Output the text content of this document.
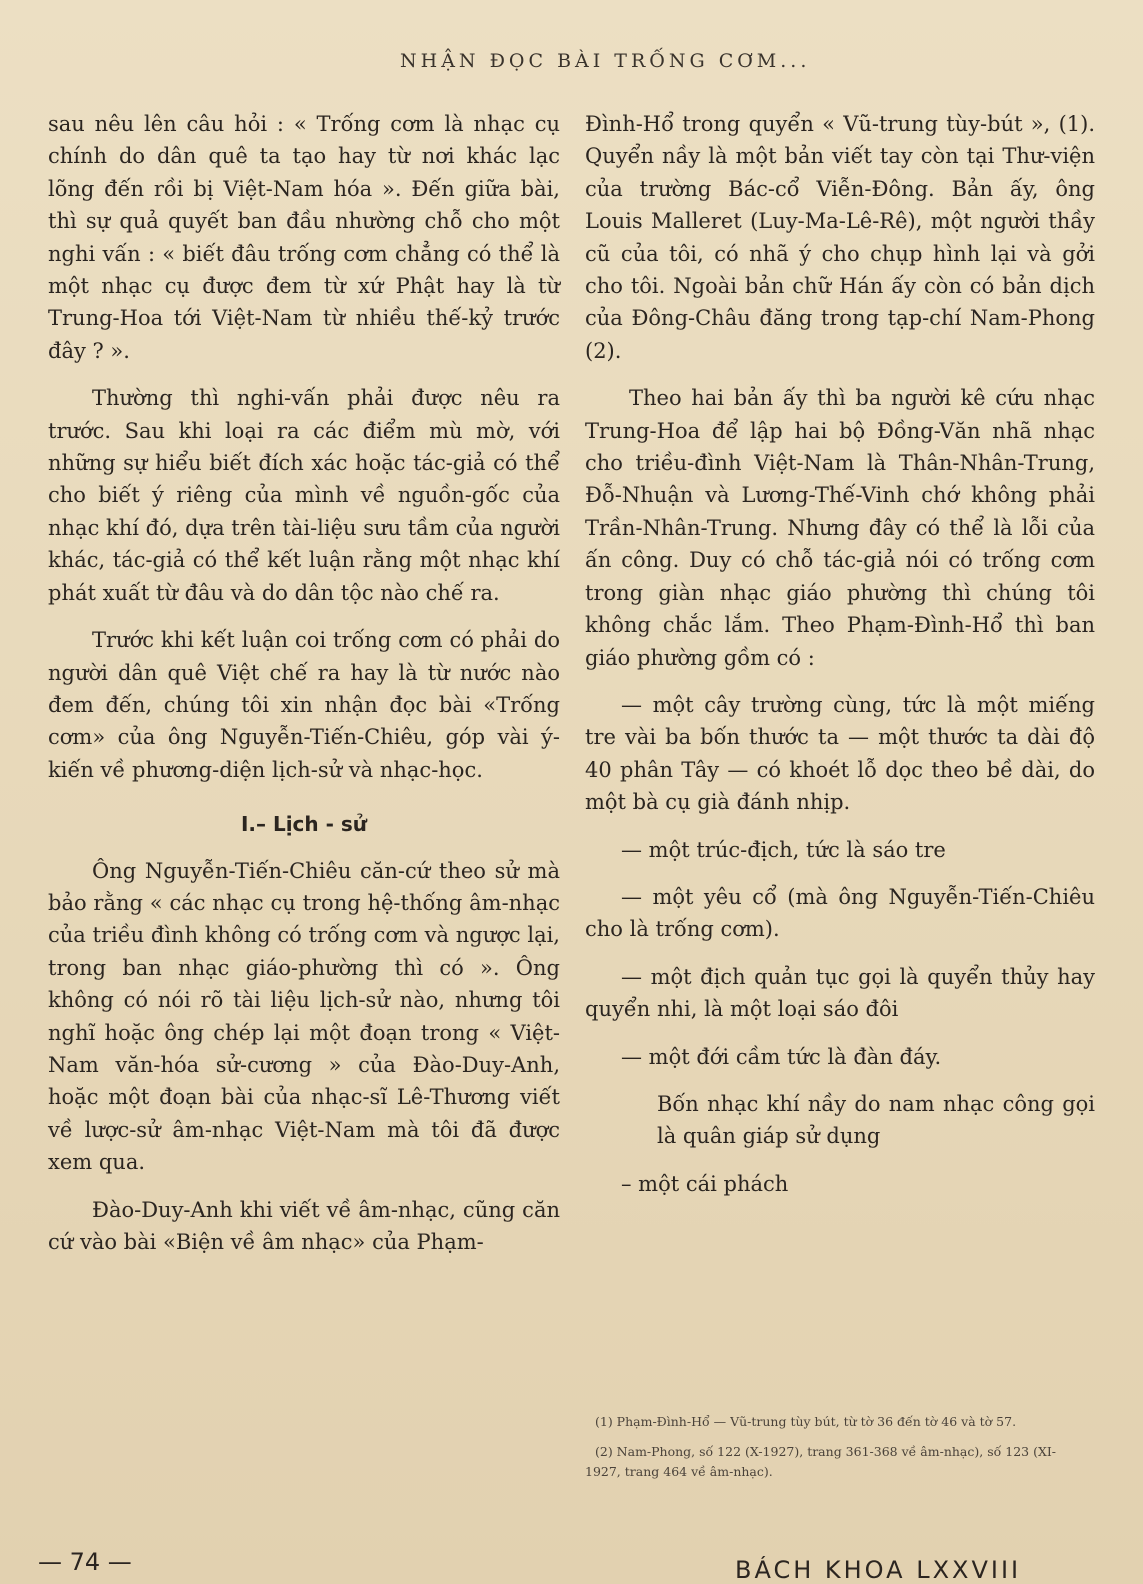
NHẬN ĐỌC BÀI TRỐNG CƠM...

sau nêu lên câu hỏi : « Trống cơm là nhạc cụ chính do dân quê ta tạo hay từ nơi khác lạc lõng đến rồi bị Việt-Nam hóa ». Đến giữa bài, thì sự quả quyết ban đầu nhường chỗ cho một nghi vấn : « biết đâu trống cơm chẳng có thể là một nhạc cụ được đem từ xứ Phật hay là từ Trung-Hoa tới Việt-Nam từ nhiều thế-kỷ trước đây ? ».

Thường thì nghi-vấn phải được nêu ra trước. Sau khi loại ra các điểm mù mờ, với những sự hiểu biết đích xác hoặc tác-giả có thể cho biết ý riêng của mình về nguồn-gốc của nhạc khí đó, dựa trên tài-liệu sưu tầm của người khác, tác-giả có thể kết luận rằng một nhạc khí phát xuất từ đâu và do dân tộc nào chế ra.

Trước khi kết luận coi trống cơm có phải do người dân quê Việt chế ra hay là từ nước nào đem đến, chúng tôi xin nhận đọc bài «Trống cơm» của ông Nguyễn-Tiến-Chiêu, góp vài ý-kiến về phương-diện lịch-sử và nhạc-học.

I.– Lịch - sử

Ông Nguyễn-Tiến-Chiêu căn-cứ theo sử mà bảo rằng « các nhạc cụ trong hệ-thống âm-nhạc của triều đình không có trống cơm và ngược lại, trong ban nhạc giáo-phường thì có ». Ông không có nói rõ tài liệu lịch-sử nào, nhưng tôi nghĩ hoặc ông chép lại một đoạn trong « Việt-Nam văn-hóa sử-cương » của Đào-Duy-Anh, hoặc một đoạn bài của nhạc-sĩ Lê-Thương viết về lược-sử âm-nhạc Việt-Nam mà tôi đã được xem qua.

Đào-Duy-Anh khi viết về âm-nhạc, cũng căn cứ vào bài «Biện về âm nhạc» của Phạm-

Đình-Hổ trong quyển « Vũ-trung tùy-bút », (1). Quyển nầy là một bản viết tay còn tại Thư-viện của trường Bác-cổ Viễn-Đông. Bản ấy, ông Louis Malleret (Luy-Ma-Lê-Rê), một người thầy cũ của tôi, có nhã ý cho chụp hình lại và gởi cho tôi. Ngoài bản chữ Hán ấy còn có bản dịch của Đông-Châu đăng trong tạp-chí Nam-Phong (2).

Theo hai bản ấy thì ba người kê cứu nhạc Trung-Hoa để lập hai bộ Đồng-Văn nhã nhạc cho triều-đình Việt-Nam là Thân-Nhân-Trung, Đỗ-Nhuận và Lương-Thế-Vinh chớ không phải Trần-Nhân-Trung. Nhưng đây có thể là lỗi của ấn công. Duy có chỗ tác-giả nói có trống cơm trong giàn nhạc giáo phường thì chúng tôi không chắc lắm. Theo Phạm-Đình-Hổ thì ban giáo phường gồm có :

— một cây trường cùng, tức là một miếng tre vài ba bốn thước ta — một thước ta dài độ 40 phân Tây — có khoét lỗ dọc theo bề dài, do một bà cụ già đánh nhịp.

— một trúc-địch, tức là sáo tre

— một yêu cổ (mà ông Nguyễn-Tiến-Chiêu cho là trống cơm).

— một địch quản tục gọi là quyển thủy hay quyển nhi, là một loại sáo đôi

— một đới cầm tức là đàn đáy.

Bốn nhạc khí nầy do nam nhạc công gọi là quân giáp sử dụng

– một cái phách

(1) Phạm-Đình-Hổ — Vũ-trung tùy bút, từ tờ 36 đến tờ 46 và tờ 57.

(2) Nam-Phong, số 122 (X-1927), trang 361-368 về âm-nhạc), số 123 (XI-1927, trang 464 về âm-nhạc).

— 74 —	BÁCH KHOA LXXVIII
